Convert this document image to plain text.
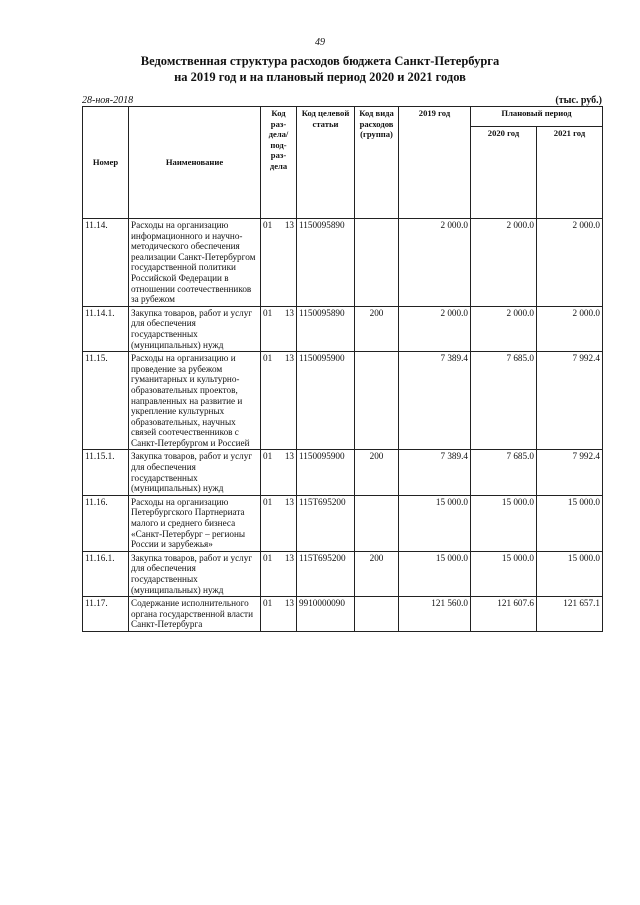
49
Ведомственная структура расходов бюджета Санкт-Петербурга
на 2019 год и на плановый период 2020 и 2021 годов
28-ноя-2018	(тыс. руб.)
Номер	Наименование	Код раз-дела/ под-раз-дела	Код целевой статьи	Код вида расходов (группа)	2019 год	Плановый период	
						2020 год	2021 год
11.14.	Расходы на организацию информационного и научно-методического обеспечения реализации Санкт-Петербургом государственной политики Российской Федерации в отношении соотечественников за рубежом	01 13	1150095890		2 000.0	2 000.0	2 000.0
11.14.1.	Закупка товаров, работ и услуг для обеспечения государственных (муниципальных) нужд	01 13	1150095890	200	2 000.0	2 000.0	2 000.0
11.15.	Расходы на организацию и проведение за рубежом гуманитарных и культурно-образовательных проектов, направленных на развитие и укрепление культурных образовательных, научных связей соотечественников с Санкт-Петербургом и Россией	01 13	1150095900		7 389.4	7 685.0	7 992.4
11.15.1.	Закупка товаров, работ и услуг для обеспечения государственных (муниципальных) нужд	01 13	1150095900	200	7 389.4	7 685.0	7 992.4
11.16.	Расходы на организацию Петербургского Партнериата малого и среднего бизнеса «Санкт-Петербург – регионы России и зарубежья»	01 13	115Т695200		15 000.0	15 000.0	15 000.0
11.16.1.	Закупка товаров, работ и услуг для обеспечения государственных (муниципальных) нужд	01 13	115Т695200	200	15 000.0	15 000.0	15 000.0
11.17.	Содержание исполнительного органа государственной власти Санкт-Петербурга	01 13	9910000090		121 560.0	121 607.6	121 657.1
